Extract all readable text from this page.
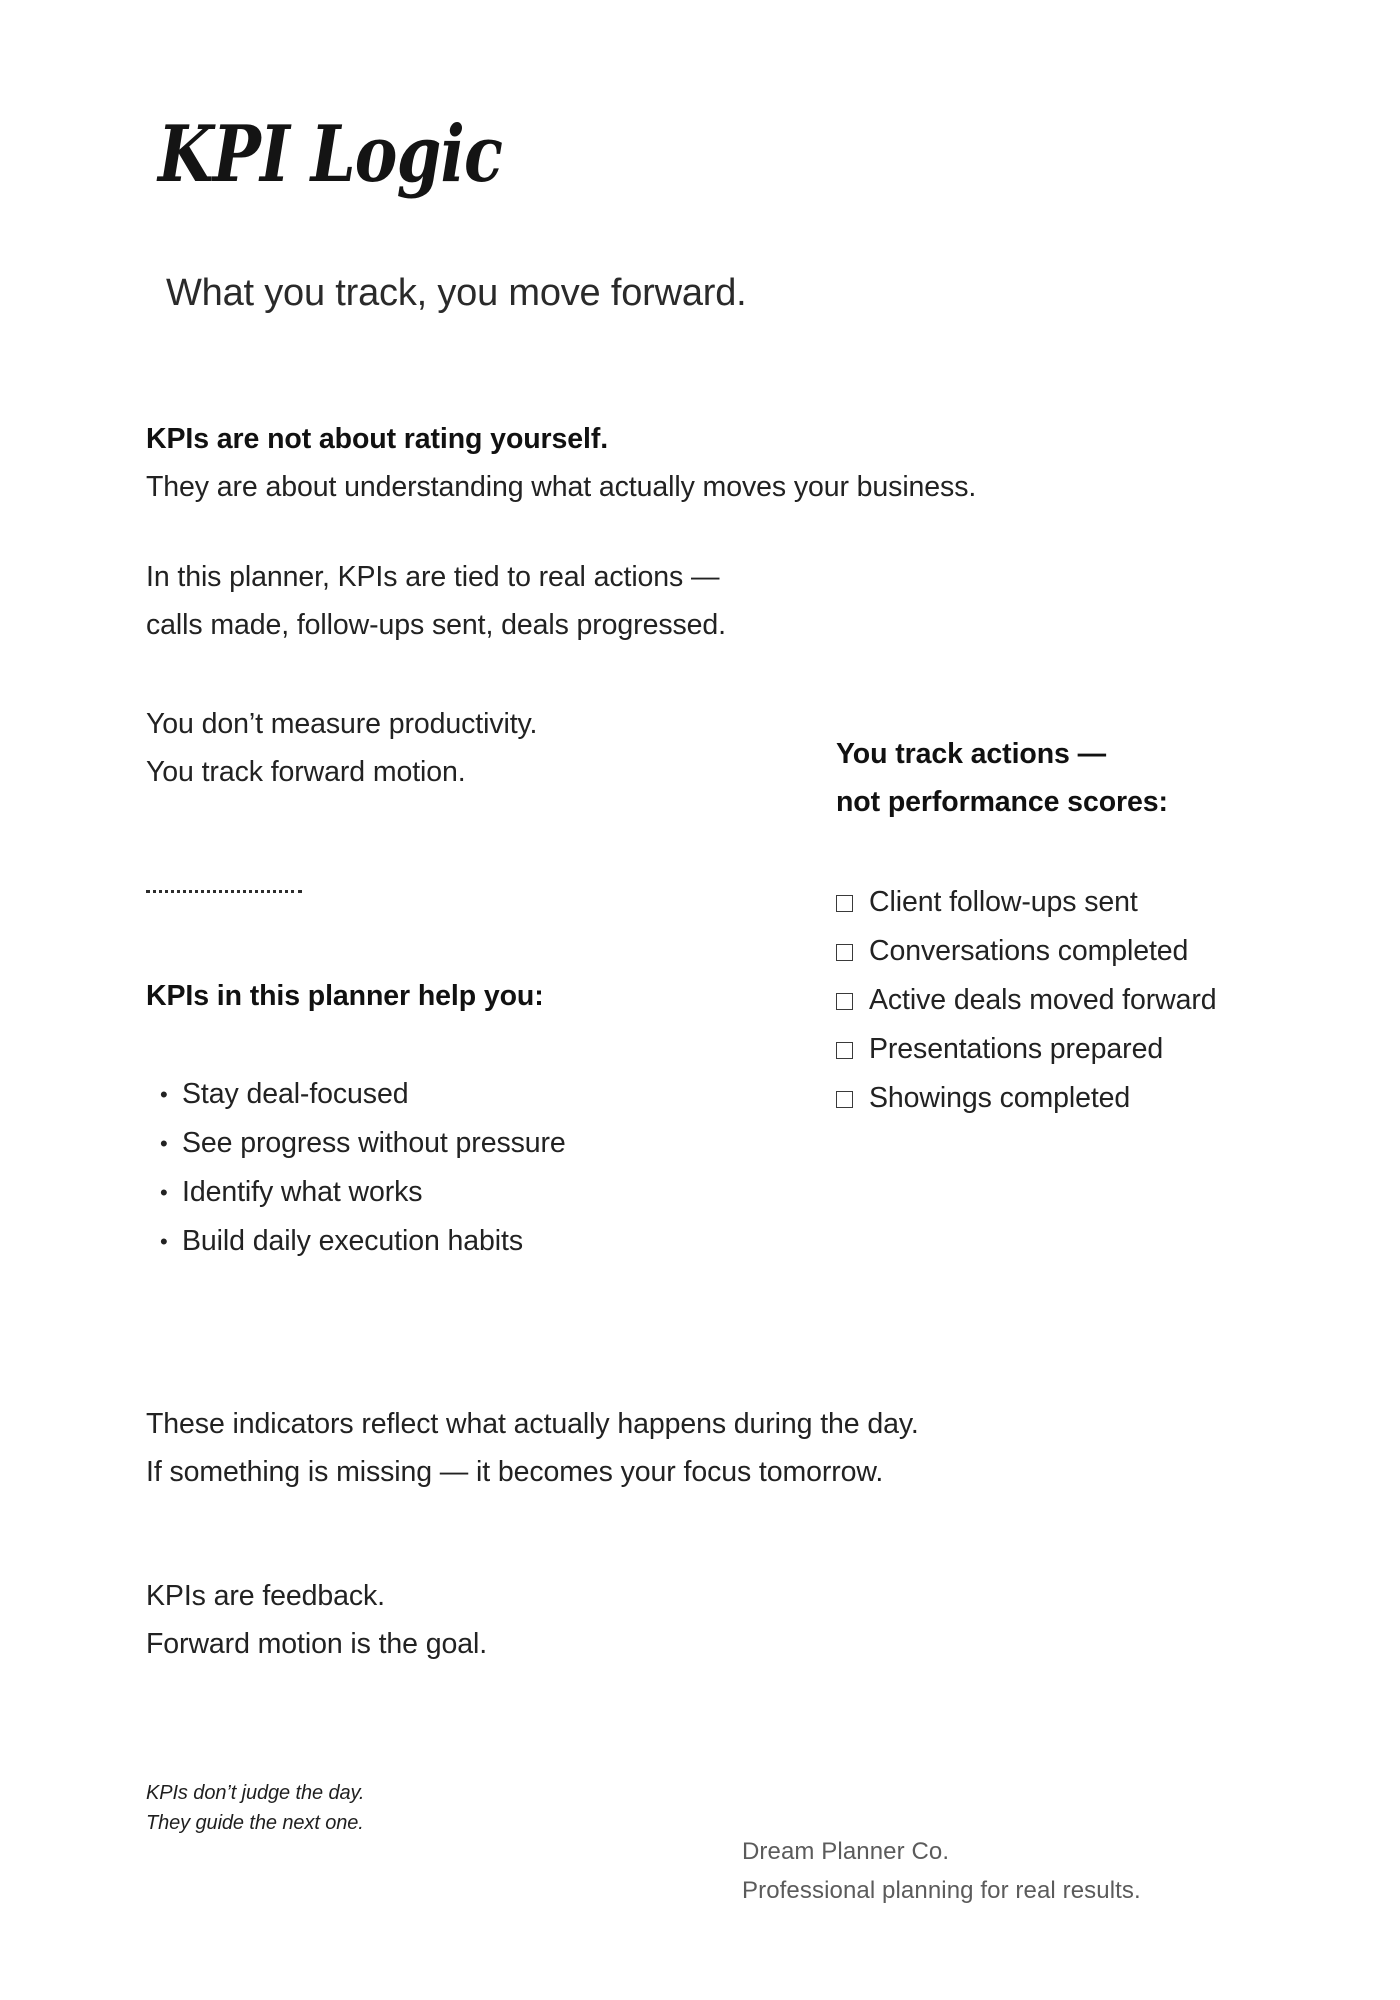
KPI Logic
What you track, you move forward.
KPIs are not about rating yourself.
They are about understanding what actually moves your business.
In this planner, KPIs are tied to real actions —
calls made, follow-ups sent, deals progressed.
You don’t measure productivity.
You track forward motion.
KPIs in this planner help you:
• Stay deal-focused
• See progress without pressure
• Identify what works
• Build daily execution habits
You track actions —
not performance scores:
Client follow-ups sent
Conversations completed
Active deals moved forward
Presentations prepared
Showings completed
These indicators reflect what actually happens during the day.
If something is missing — it becomes your focus tomorrow.
KPIs are feedback.
Forward motion is the goal.
KPIs don’t judge the day.
They guide the next one.
Dream Planner Co.
Professional planning for real results.
